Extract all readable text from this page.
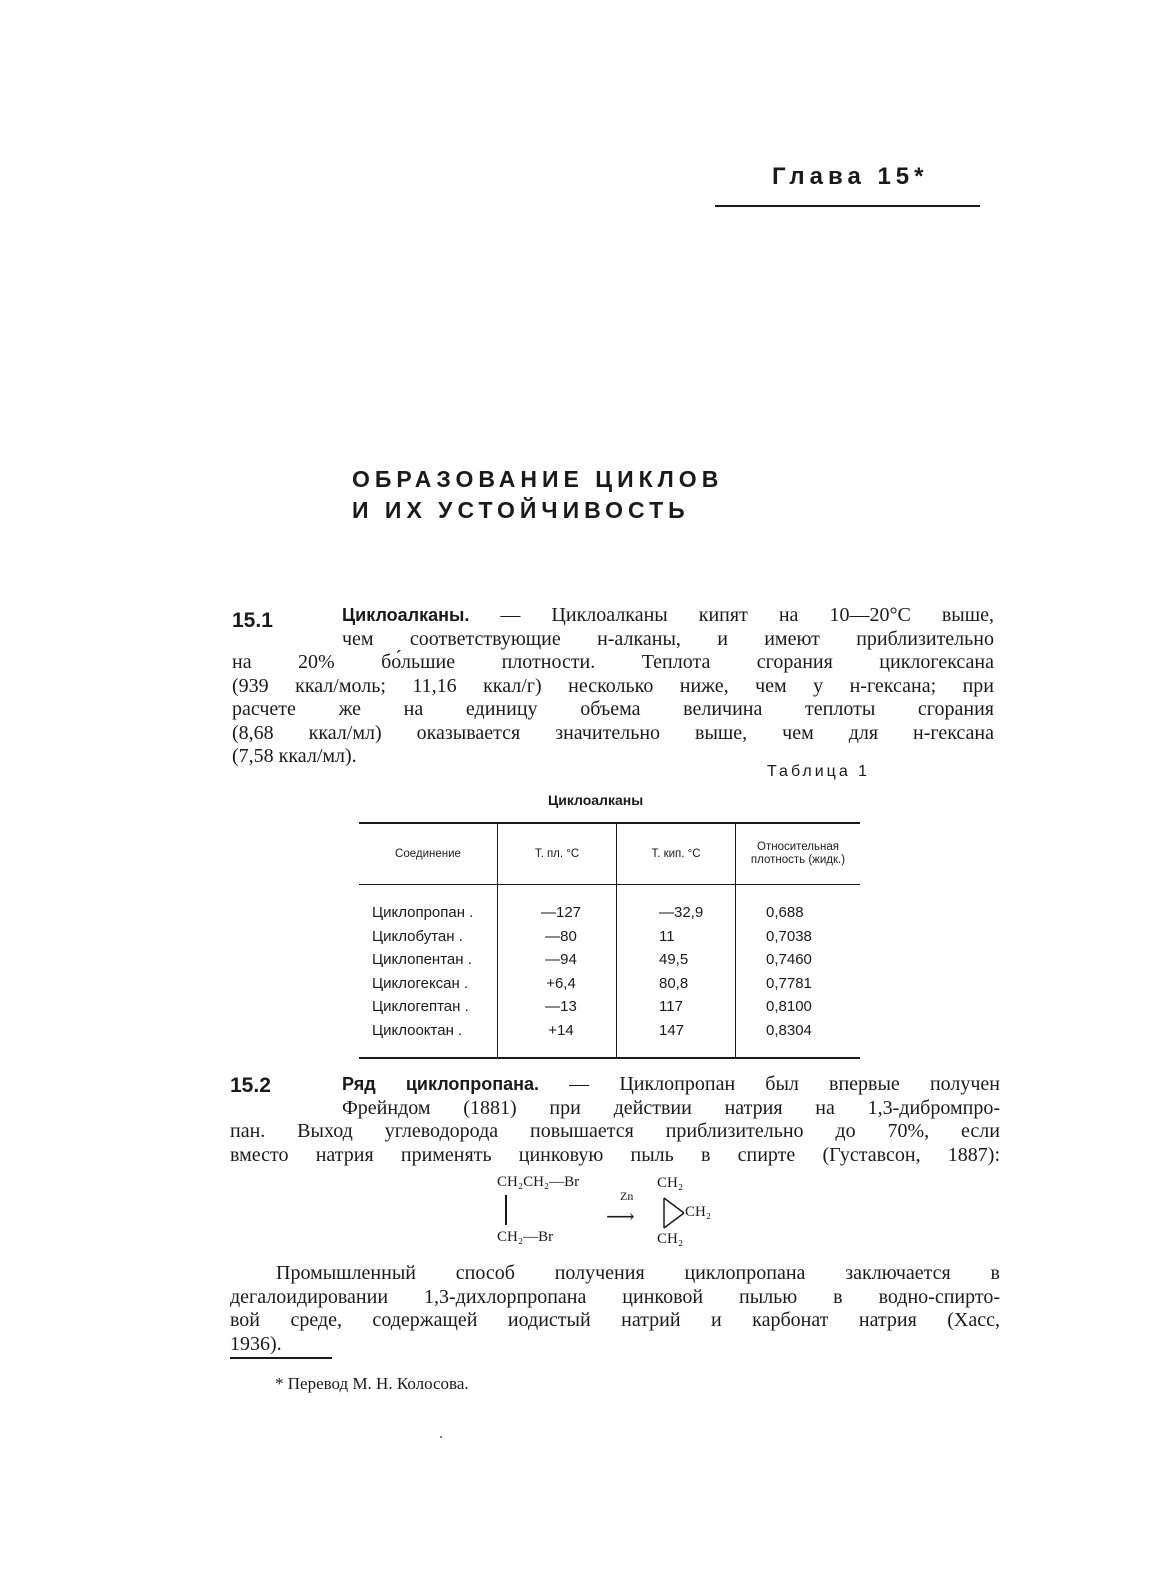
Глава 15*
ОБРАЗОВАНИЕ ЦИКЛОВ
И ИХ УСТОЙЧИВОСТЬ
15.1	Циклоалканы. — Циклоалканы кипят на 10—20°С выше,
чем соответствующие н-алканы, и имеют приблизительно
на 20% бо́льшие плотности. Теплота сгорания циклогексана
(939 ккал/моль; 11,16 ккал/г) несколько ниже, чем у н-гексана; при
расчете же на единицу объема величина теплоты сгорания
(8,68 ккал/мл) оказывается значительно выше, чем для н-гексана
(7,58 ккал/мл).
Таблица 1
Циклоалканы
Соединение	Т. пл. °С	Т. кип. °С	Относительная плотность (жидк.)
Циклопропан .	—127	—32,9	0,688
Циклобутан .	—80	11	0,7038
Циклопентан .	—94	49,5	0,7460
Циклогексан .	+6,4	80,8	0,7781
Циклогептан .	—13	117	0,8100
Циклооктан .	+14	147	0,8304
15.2	Ряд циклопропана. — Циклопропан был впервые получен
Фрейндом (1881) при действии натрия на 1,3-дибромпро-
пан. Выход углеводорода повышается приблизительно до 70%, если
вместо натрия применять цинковую пыль в спирте (Густавсон, 1887):
CH₂CH₂—Br
CH₂—Br
Zn
⟶
CH₂
CH₂
CH₂
Промышленный способ получения циклопропана заключается в
дегалоидировании 1,3-дихлорпропана цинковой пылью в водно-спирто-
вой среде, содержащей иодистый натрий и карбонат натрия (Хасс,
1936).
* Перевод М. Н. Колосова.
